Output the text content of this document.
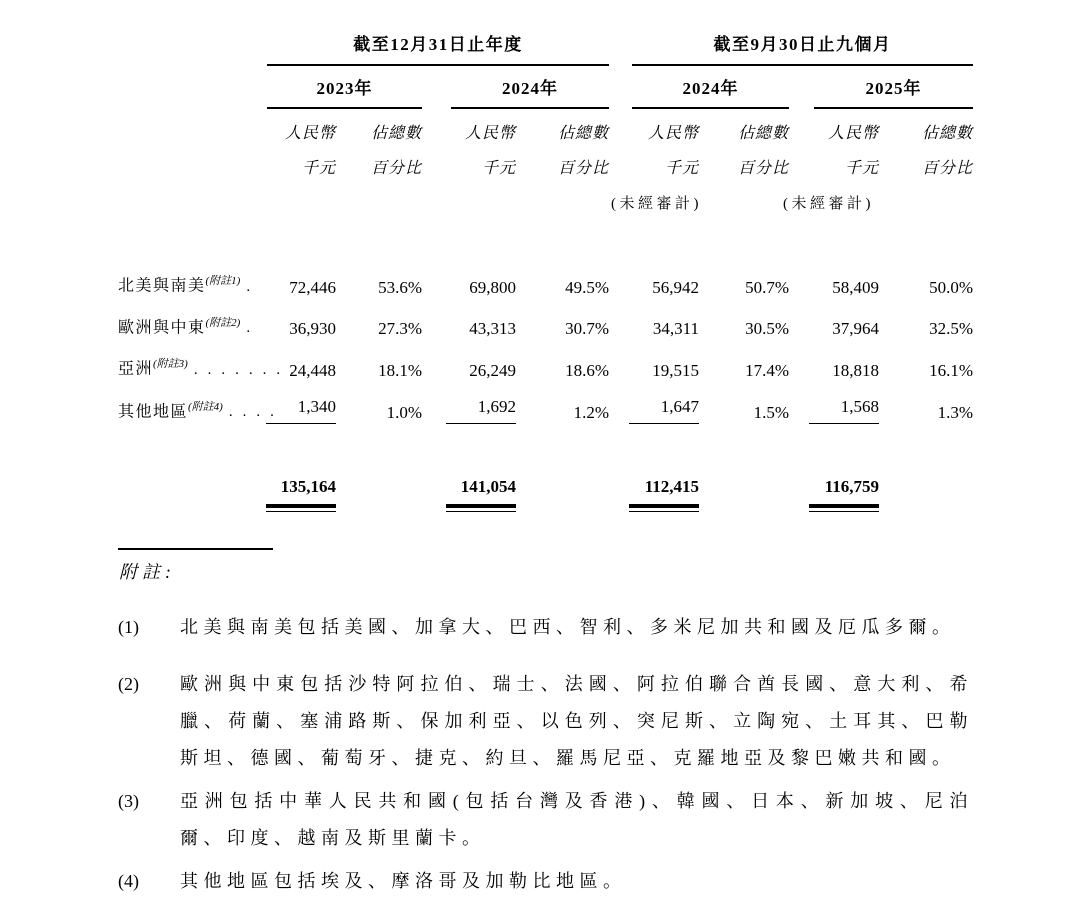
	截至12月31日止年度				截至9月30日止九個月			

	2023年		2024年		2024年		2025年	

	人民幣	佔總數	人民幣	佔總數	人民幣	佔總數	人民幣	佔總數
	千元	百分比	千元	百分比	千元	百分比	千元	百分比
					(未經審計)		(未經審計)	
北美與南美$^{(附註1)}$ .	72,446	53.6%	69,800	49.5%	56,942	50.7%	58,409	50.0%
歐洲與中東$^{(附註2)}$ .	36,930	27.3%	43,313	30.7%	34,311	30.5%	37,964	32.5%
亞洲$^{(附註3)}$ ........	24,448	18.1%	26,249	18.6%	19,515	17.4%	18,818	16.1%
其他地區$^{(附註4)}$ ....	1,340	1.0%	1,692	1.2%	1,647	1.5%	1,568	1.3%

	135,164		141,054		112,415		116,759	

附註:
(1)	北美與南美包括美國、加拿大、巴西、智利、多米尼加共和國及厄瓜多爾。
(2)	歐洲與中東包括沙特阿拉伯、瑞士、法國、阿拉伯聯合酋長國、意大利、希臘、荷蘭、塞浦路斯、保加利亞、以色列、突尼斯、立陶宛、土耳其、巴勒斯坦、德國、葡萄牙、捷克、約旦、羅馬尼亞、克羅地亞及黎巴嫩共和國。
(3)	亞洲包括中華人民共和國(包括台灣及香港)、韓國、日本、新加坡、尼泊爾、印度、越南及斯里蘭卡。
(4)	其他地區包括埃及、摩洛哥及加勒比地區。
